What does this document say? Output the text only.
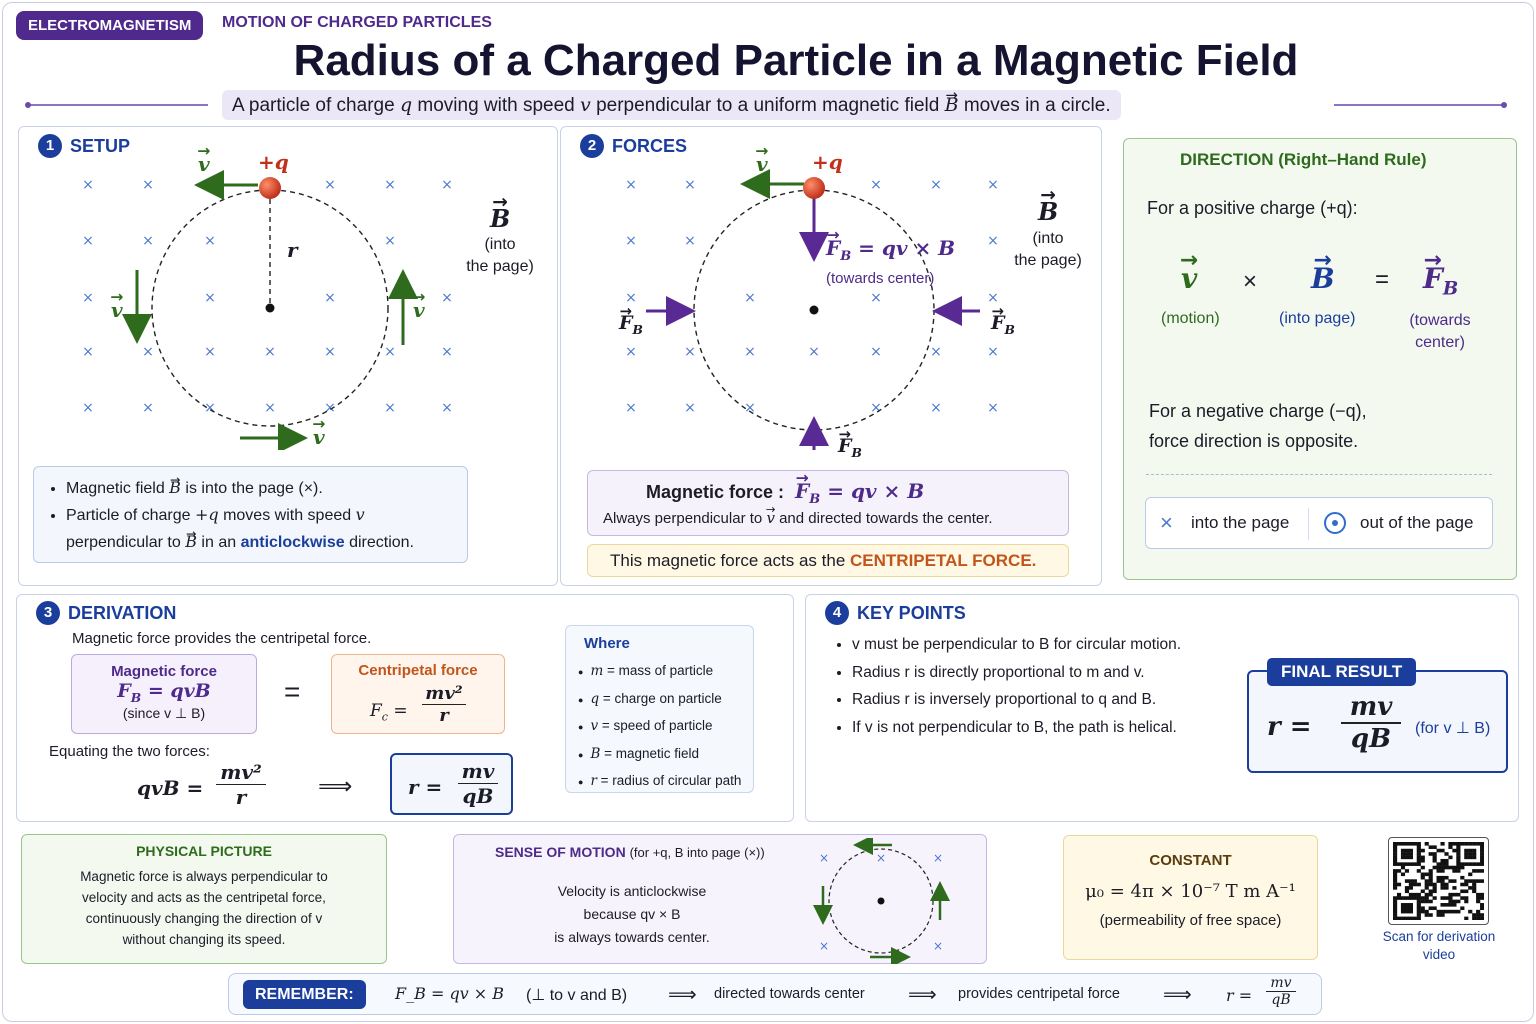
ELECTROMAGNETISM	MOTION OF CHARGED PARTICLES
Radius of a Charged Particle in a Magnetic Field
A particle of charge q moving with speed v perpendicular to a uniform magnetic field → B moves in a circle.
1 SETUP
×	×	×	×	×
×	×	×	×
×	×	×	×
×	×	×	×	×	×	×
×	×	×	×	×	×	×
→ v +q
r
→ v	→ v
→ v
→ B
(into
the page)
• Magnetic field → B is into the page (×).
• Particle of charge +q moves with speed v
perpendicular to → B in an anticlockwise direction.
2 FORCES
×	×	×	×	×
×	×	×
×	×	×	×
×	×	×	×	×	×	×
×	×	×	×	×	×
→ v +q
→ $F_B$ = qv × B
(towards center)
→ $F_B$	→ $F_B$
→ $F_B$
→ B
(into
the page)
Magnetic force : → $F_B$ = qv × B
Always perpendicular to → v and directed towards the center.
This magnetic force acts as the CENTRIPETAL FORCE.
DIRECTION (Right–Hand Rule)
For a positive charge (+q):
→ v × → B = → $F_B$
(motion)	(into page)	(towards
center)
For a negative charge (−q),
force direction is opposite.
× into the page	out of the page
3 DERIVATION
Magnetic force provides the centripetal force.
Magnetic force
$F_B$ = qvB
(since v ⊥ B)
=
Centripetal force
$F_c$ =
mv²
r
Equating the two forces:
qvB =
mv²
r	⟹	r =
mv
qB
Where
● m = mass of particle
● q = charge on particle
● v = speed of particle
● B = magnetic field
● r = radius of circular path
4 KEY POINTS
• v must be perpendicular to B for circular motion.
• Radius r is directly proportional to m and v.
• Radius r is inversely proportional to q and B.
• If v is not perpendicular to B, the path is helical.	r =
mv
qB	(for v ⊥ B)
FINAL RESULT
PHYSICAL PICTURE
Magnetic force is always perpendicular to
velocity and acts as the centripetal force,
continuously changing the direction of v
without changing its speed.
SENSE OF MOTION (for +q, B into page (×))
Velocity is anticlockwise
because qv × B
is always towards center.
×	×	×
×	×
CONSTANT
μ₀ = 4π × 10⁻⁷ T m A⁻¹
(permeability of free space)
Scan for derivation
video
REMEMBER:	F_B = qv × B (⊥ to v and B) ⟹ directed towards center ⟹ provides centripetal force ⟹ r =
mv
qB
